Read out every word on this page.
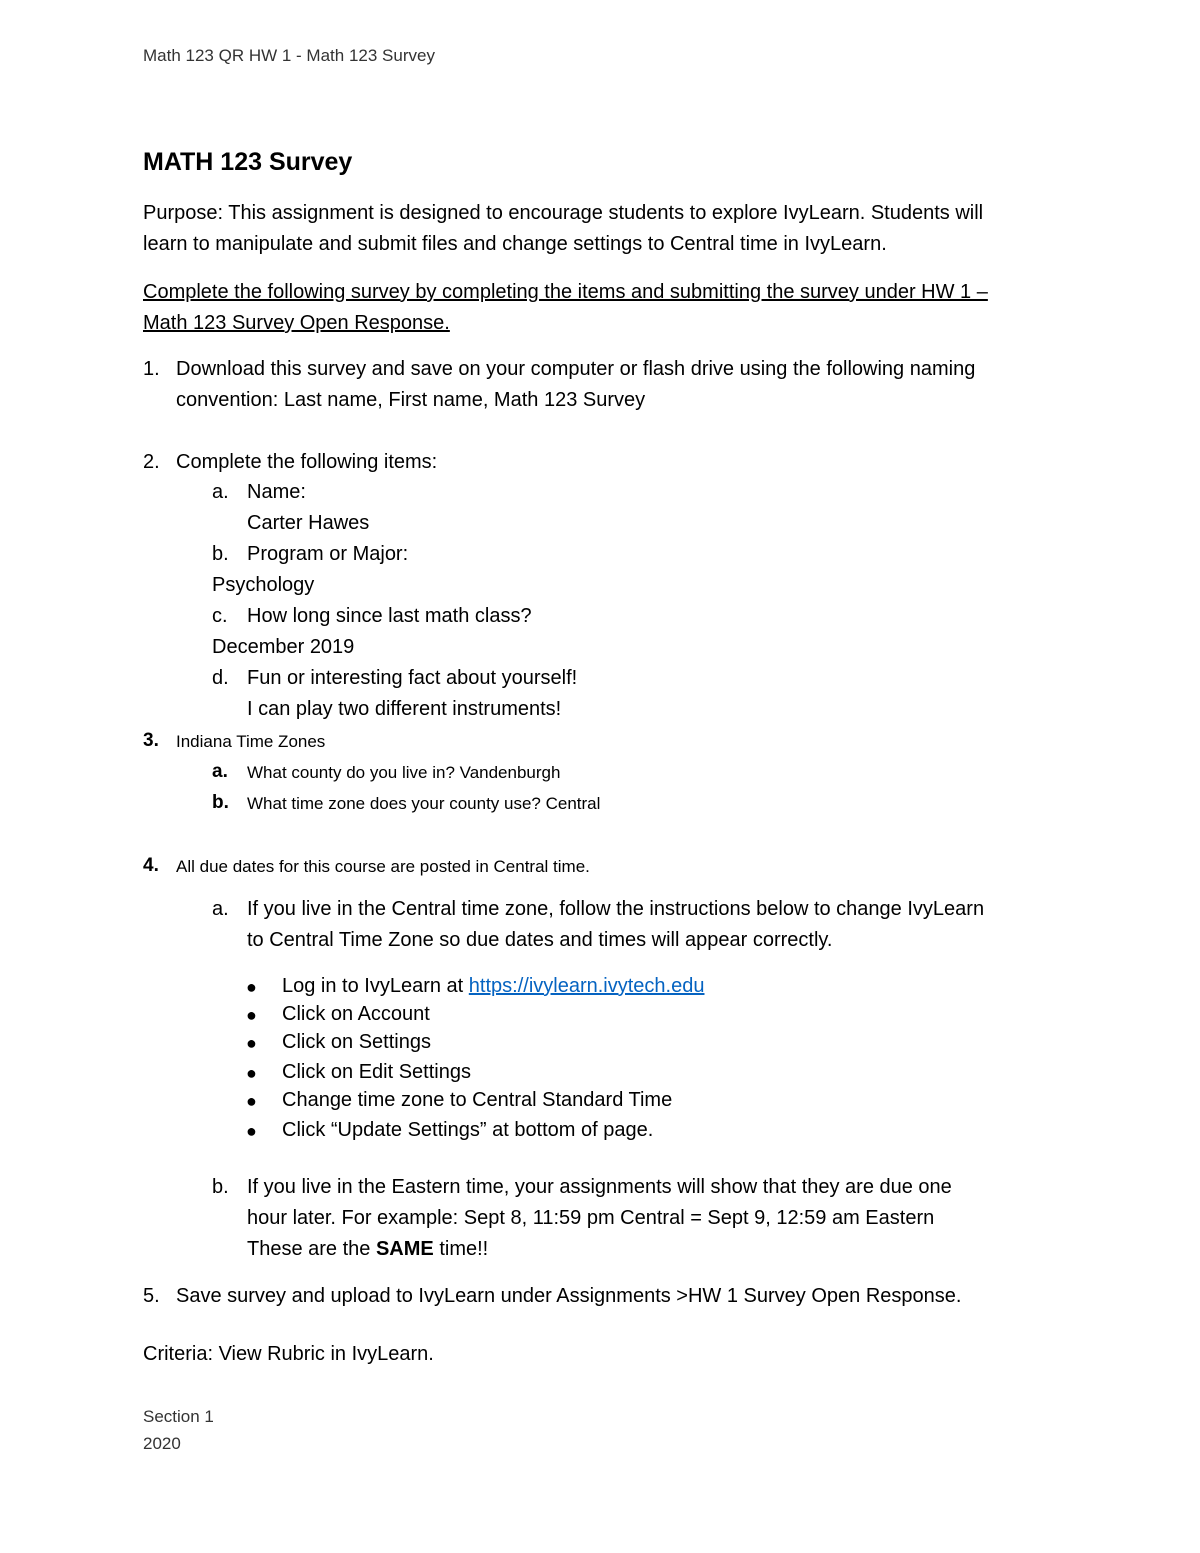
Math 123 QR HW 1 - Math 123 Survey
MATH 123 Survey
Purpose: This assignment is designed to encourage students to explore IvyLearn. Students will
learn to manipulate and submit files and change settings to Central time in IvyLearn.
Complete the following survey by completing the items and submitting the survey under HW 1 –
Math 123 Survey Open Response.
1. Download this survey and save on your computer or flash drive using the following naming
convention: Last name, First name, Math 123 Survey
2. Complete the following items:
a. Name:
Carter Hawes
b. Program or Major:
Psychology
c. How long since last math class?
December 2019
d. Fun or interesting fact about yourself!
I can play two different instruments!
3. Indiana Time Zones
a. What county do you live in? Vandenburgh
b. What time zone does your county use? Central
4. All due dates for this course are posted in Central time.
a. If you live in the Central time zone, follow the instructions below to change IvyLearn
to Central Time Zone so due dates and times will appear correctly.
● Log in to IvyLearn at https://ivylearn.ivytech.edu
● Click on Account
● Click on Settings
● Click on Edit Settings
● Change time zone to Central Standard Time
● Click “Update Settings” at bottom of page.
b. If you live in the Eastern time, your assignments will show that they are due one
hour later. For example: Sept 8, 11:59 pm Central = Sept 9, 12:59 am Eastern
These are the SAME time!!
5. Save survey and upload to IvyLearn under Assignments >HW 1 Survey Open Response.
Criteria: View Rubric in IvyLearn.
Section 1
2020
